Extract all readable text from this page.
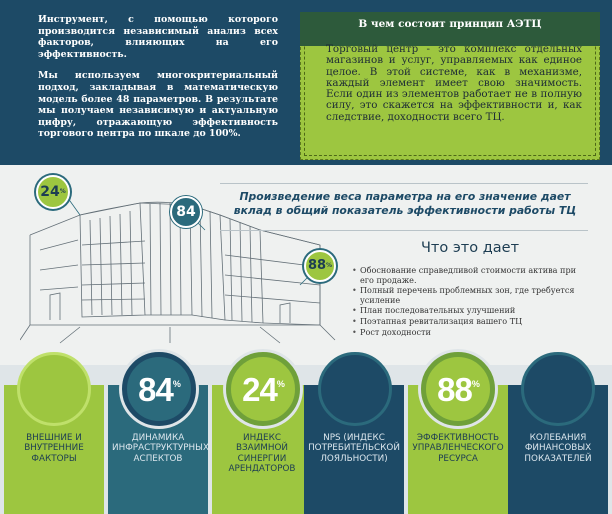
Инструмент, с помощью которого производится независимый анализ всех факторов, влияющих на его эффективность.

Мы используем многокритериальный подход, закладывая в математическую модель более 48 параметров. В результате мы получаем независимую и актуальную цифру, отражающую эффективность торгового центра по шкале до 100%.

В чем состоит принцип АЭТЦ
Торговый центр - это комплекс отдельных магазинов и услуг, управляемых как единое целое. В этой системе, как в механизме, каждый элемент имеет свою значимость. Если один из элементов работает не в полную силу, это скажется на эффективности и, как следствие, доходности всего ТЦ.
24%
84
88%
Произведение веса параметра на его значение дает вклад в общий показатель эффективности работы ТЦ
Что это дает
• Обоснование справедливой стоимости актива при его продаже.
• Полный перечень проблемных зон, где требуется усиление
• План последовательных улучшений
• Поэтапная ревитализация вашего ТЦ
• Рост доходности
ВНЕШНИЕ И ВНУТРЕННИЕ ФАКТОРЫ
ДИНАМИКА ИНФРАСТРУКТУРНЫХ АСПЕКТОВ
ИНДЕКС ВЗАИМНОЙ СИНЕРГИИ АРЕНДАТОРОВ
NPS (ИНДЕКС ПОТРЕБИТЕЛЬСКОЙ ЛОЯЛЬНОСТИ)
ЭФФЕКТИВНОСТЬ УПРАВЛЕНЧЕСКОГО РЕСУРСА
КОЛЕБАНИЯ ФИНАНСОВЫХ ПОКАЗАТЕЛЕЙ
84%	24%	88%
